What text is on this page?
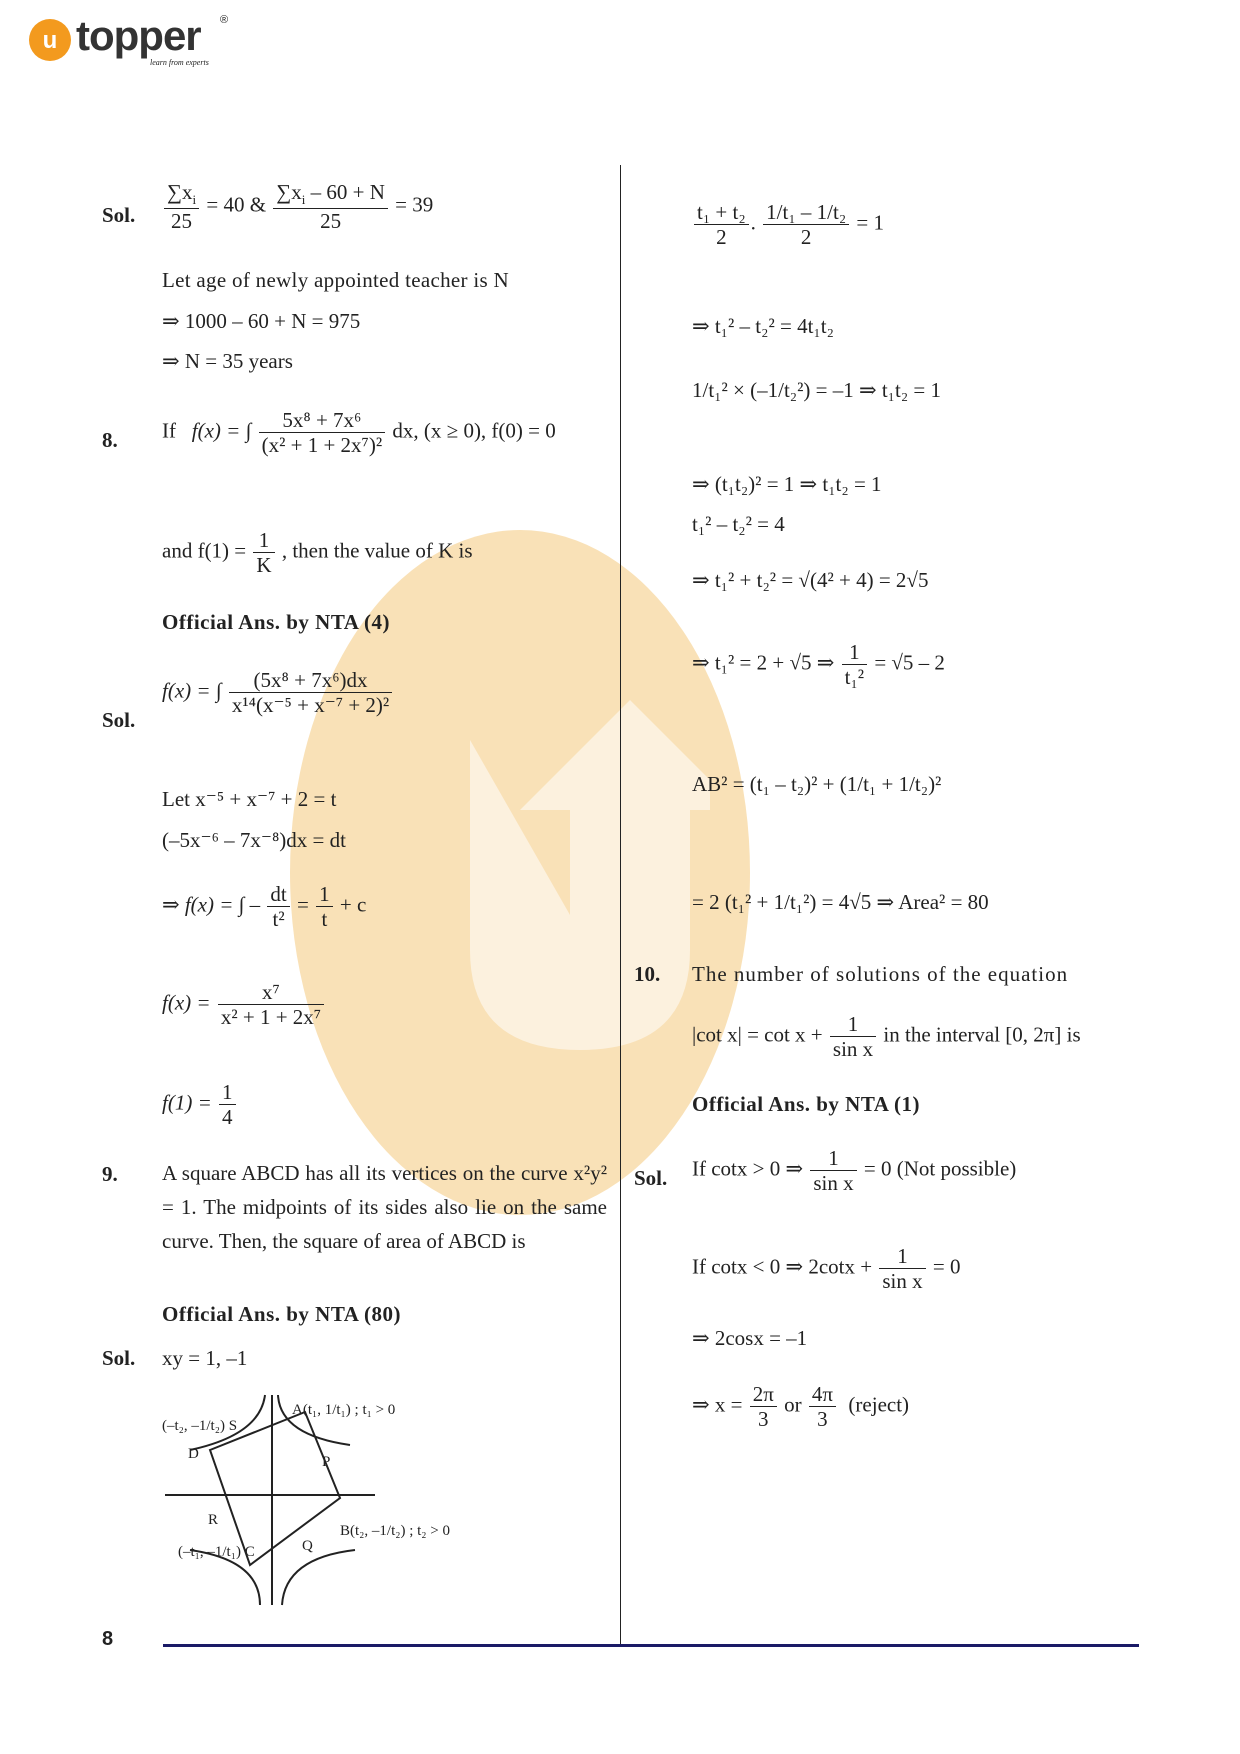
u topper ®
learn from experts
Sol. $\frac{\sum x_i}{25} = 40$ & $\frac{\sum x_i - 60 + N}{25} = 39$
Let age of newly appointed teacher is N
⇒ 1000 – 60 + N = 975
⇒ N = 35 years
8. If f(x) = ∫ $\frac{\text{5x⁸ + 7x⁶}}{\text{(x² + 1 + 2x⁷)²}}$ dx, (x ≥ 0), f(0) = 0
and $f(1) = \frac{1}{K}$ , then the value of K is
Official Ans. by NTA (4)
Sol.
f(x) = ∫ $\frac{\text{(5x⁸ + 7x⁶)dx}}{\text{x¹⁴(x⁻⁵ + x⁻⁷ + 2)²}}$
Let x⁻⁵ + x⁻⁷ + 2 = t
(–5x⁻⁶ – 7x⁻⁸)dx = dt
⇒ f(x) = ∫ – $\frac{dt}{\text{t²}} = \frac{1}{t} + c$
$f(x) = \frac{\text{x⁷}}{\text{x² + 1 + 2x⁷}}$
$f(1) = \frac{1}{4}$
9. A square ABCD has all its vertices on the curve x²y² = 1. The midpoints of its sides also lie on the same curve. Then, the square of area of ABCD is
Official Ans. by NTA (80)
Sol. xy = 1, –1
A(t₁, 1/t₁) ; t₁ > 0
B(t₂, –1/t₂) ; t₂ > 0
(–t₂, –1/t₂) S
(–t₁, –1/t₁) C
D	P
Q
R
$\frac{\text{t₁ + t₂}}{2}$ . $\frac{\text{1/t₁ – 1/t₂}}{2} = 1$
⇒ t₁² – t₂² = 4t₁t₂
1/t₁² × (–1/t₂²) = –1 ⇒ t₁t₂ = 1
⇒ (t₁t₂)² = 1 ⇒ t₁t₂ = 1
t₁² – t₂² = 4
⇒ t₁² + t₂² = √(4² + 4) = 2√5
⇒ t₁² = 2 + √5 ⇒ $\frac{1}{\text{t₁²}} = √5 - 2$
AB² = (t₁ – t₂)² + (1/t₁ + 1/t₂)²
= 2 (t₁² + 1/t₁²) = 4√5 ⇒ Area² = 80
10. The number of solutions of the equation
|cot $x| = \cot x + \frac{1}{\text{sin x}}$ in the interval [0, 2π] is
Official Ans. by NTA (1)
Sol. If cotx > 0 ⇒ $\frac{1}{\text{sin x}} = 0$ (Not possible)
If cotx < 0 ⇒ $2\cot x + \frac{1}{\text{sin x}} = 0$
⇒ 2cosx = –1
⇒ $x = \frac{2\pi}{3}$ or $\frac{4\pi}{3}$ (reject)
8
